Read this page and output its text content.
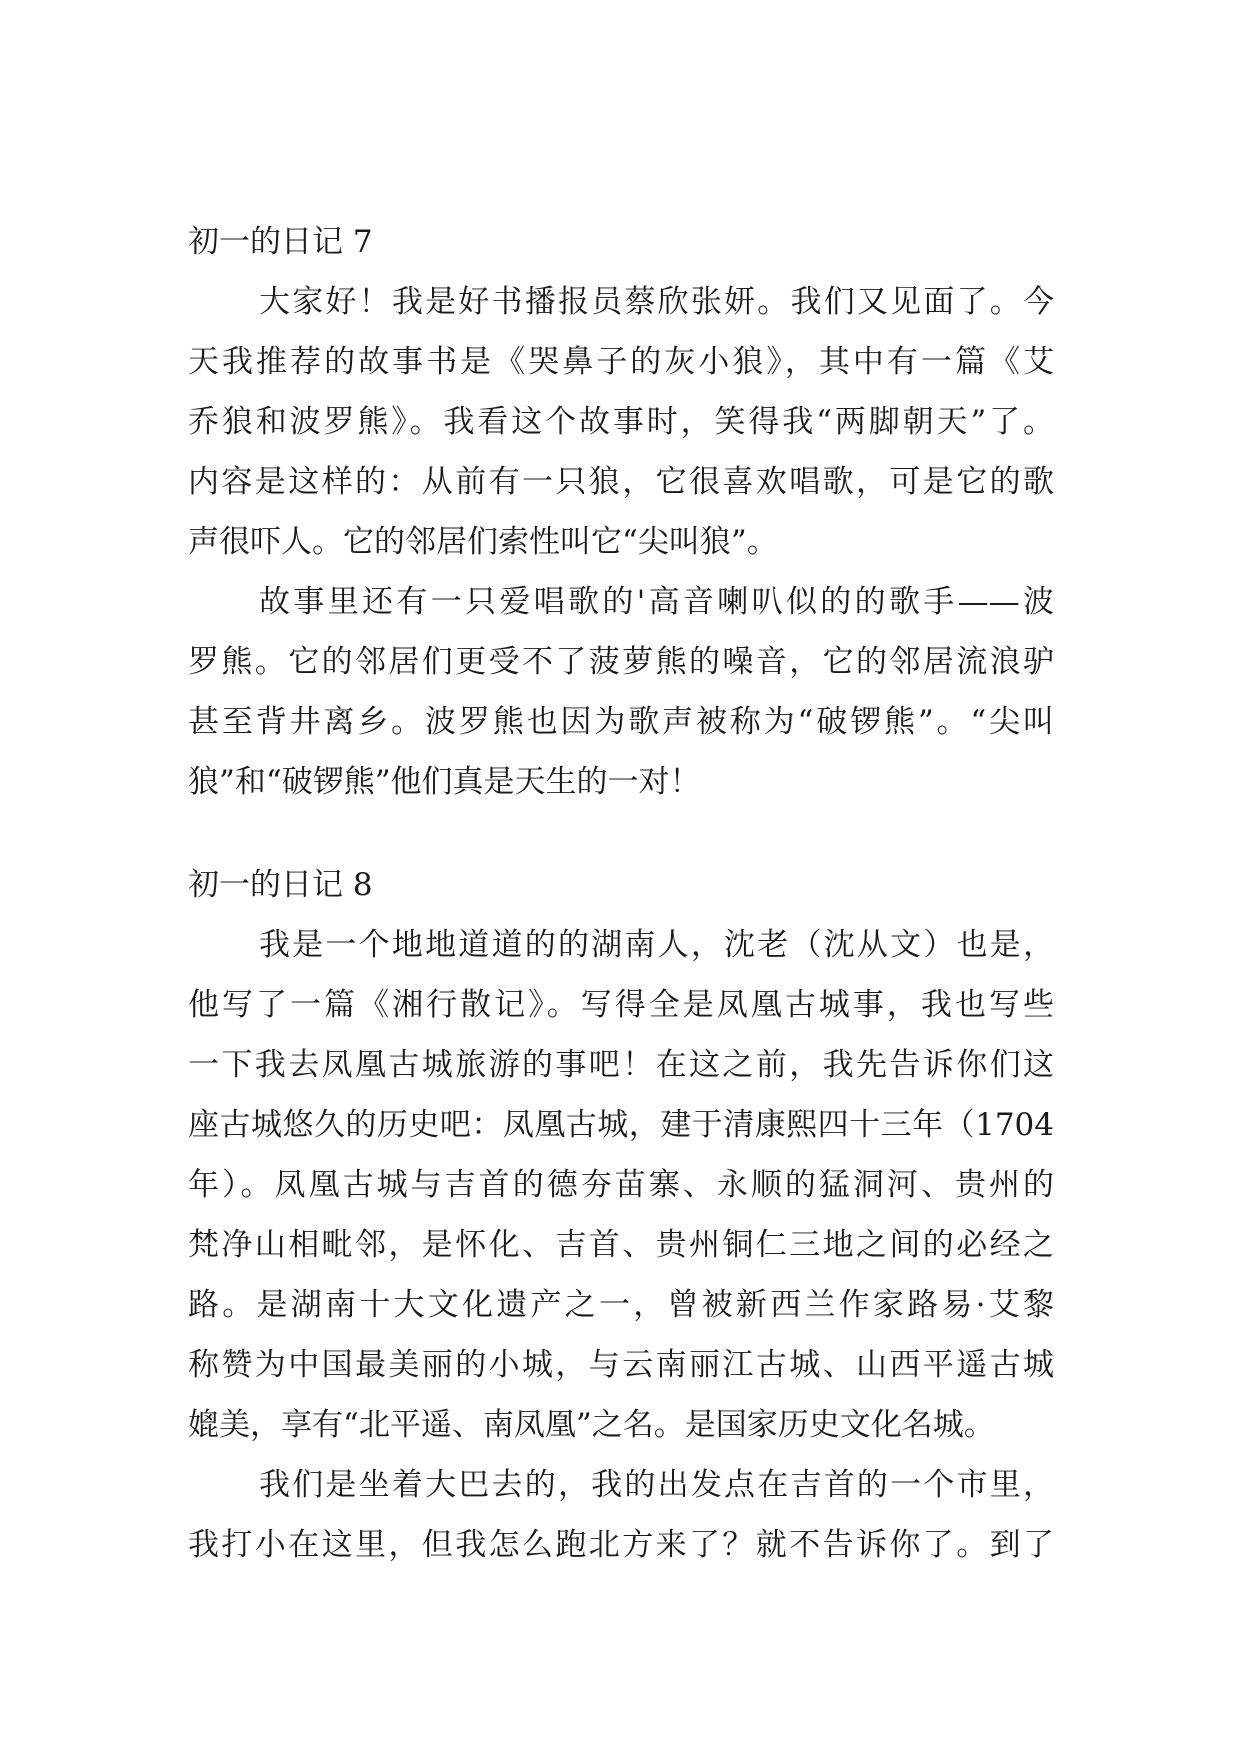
初一的日记 7

大家好！我是好书播报员蔡欣张妍。我们又见面了。今
天我推荐的故事书是《哭鼻子的灰小狼》，其中有一篇《艾
乔狼和波罗熊》。我看这个故事时，笑得我“两脚朝天”了。
内容是这样的：从前有一只狼，它很喜欢唱歌，可是它的歌
声很吓人。它的邻居们索性叫它“尖叫狼”。

故事里还有一只爱唱歌的'高音喇叭似的的歌手——波
罗熊。它的邻居们更受不了菠萝熊的噪音，它的邻居流浪驴
甚至背井离乡。波罗熊也因为歌声被称为“破锣熊”。“尖叫
狼”和“破锣熊”他们真是天生的一对！

初一的日记 8

我是一个地地道道的的湖南人，沈老（沈从文）也是，
他写了一篇《湘行散记》。写得全是凤凰古城事，我也写些
一下我去凤凰古城旅游的事吧！在这之前，我先告诉你们这
座古城悠久的历史吧：凤凰古城，建于清康熙四十三年（1704
年）。凤凰古城与吉首的德夯苗寨、永顺的猛洞河、贵州的
梵净山相毗邻，是怀化、吉首、贵州铜仁三地之间的必经之
路。是湖南十大文化遗产之一，曾被新西兰作家路易·艾黎
称赞为中国最美丽的小城，与云南丽江古城、山西平遥古城
媲美，享有“北平遥、南凤凰”之名。是国家历史文化名城。

我们是坐着大巴去的，我的出发点在吉首的一个市里，
我打小在这里，但我怎么跑北方来了？就不告诉你了。到了
